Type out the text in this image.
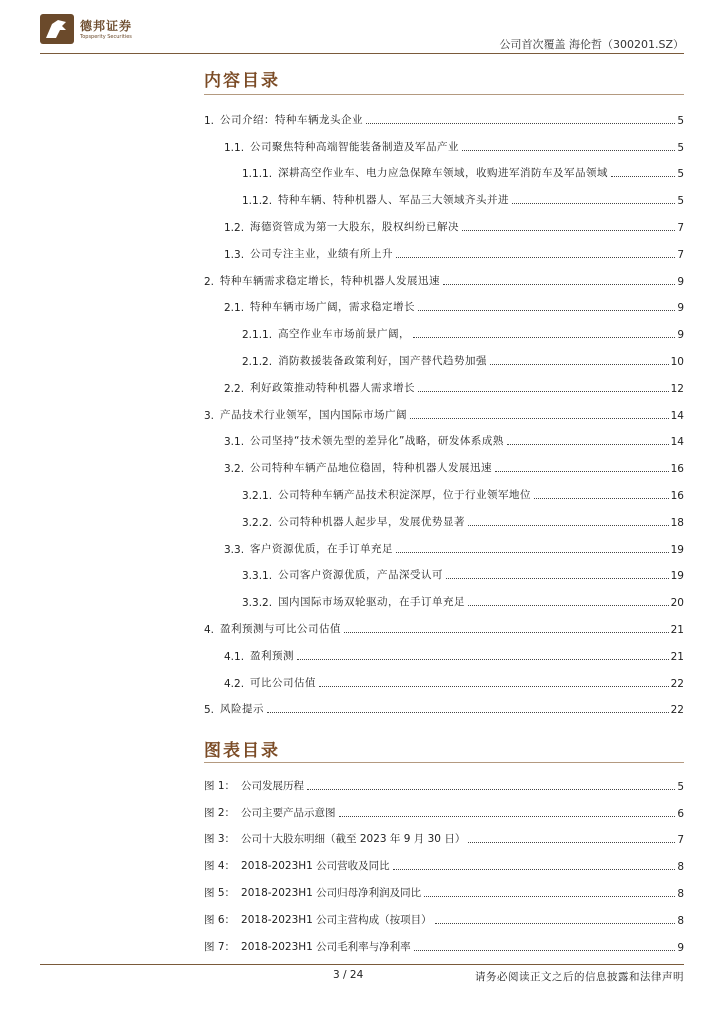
德邦证券
Topsperity Securities
公司首次覆盖 海伦哲（300201.SZ）
内容目录
1. 公司介绍：特种车辆龙头企业	5
1.1. 公司聚焦特种高端智能装备制造及军品产业	5
1.1.1. 深耕高空作业车、电力应急保障车领域，收购进军消防车及军品领域	5
1.1.2. 特种车辆、特种机器人、军品三大领域齐头并进	5
1.2. 海德资管成为第一大股东，股权纠纷已解决	7
1.3. 公司专注主业，业绩有所上升	7
2. 特种车辆需求稳定增长，特种机器人发展迅速	9
2.1. 特种车辆市场广阔，需求稳定增长	9
2.1.1. 高空作业车市场前景广阔，	9
2.1.2. 消防救援装备政策利好，国产替代趋势加强	10
2.2. 利好政策推动特种机器人需求增长	12
3. 产品技术行业领军，国内国际市场广阔	14
3.1. 公司坚持“技术领先型的差异化”战略，研发体系成熟	14
3.2. 公司特种车辆产品地位稳固，特种机器人发展迅速	16
3.2.1. 公司特种车辆产品技术积淀深厚，位于行业领军地位	16
3.2.2. 公司特种机器人起步早，发展优势显著	18
3.3. 客户资源优质，在手订单充足	19
3.3.1. 公司客户资源优质，产品深受认可	19
3.3.2. 国内国际市场双轮驱动，在手订单充足	20
4. 盈利预测与可比公司估值	21
4.1. 盈利预测	21
4.2. 可比公司估值	22
5. 风险提示	22
图表目录
图 1： 公司发展历程	5
图 2： 公司主要产品示意图	6
图 3： 公司十大股东明细（截至 2023 年 9 月 30 日）	7
图 4： 2018-2023H1 公司营收及同比	8
图 5： 2018-2023H1 公司归母净利润及同比	8
图 6： 2018-2023H1 公司主营构成（按项目）	8
图 7： 2018-2023H1 公司毛利率与净利率	9
3 / 24	请务必阅读正文之后的信息披露和法律声明
